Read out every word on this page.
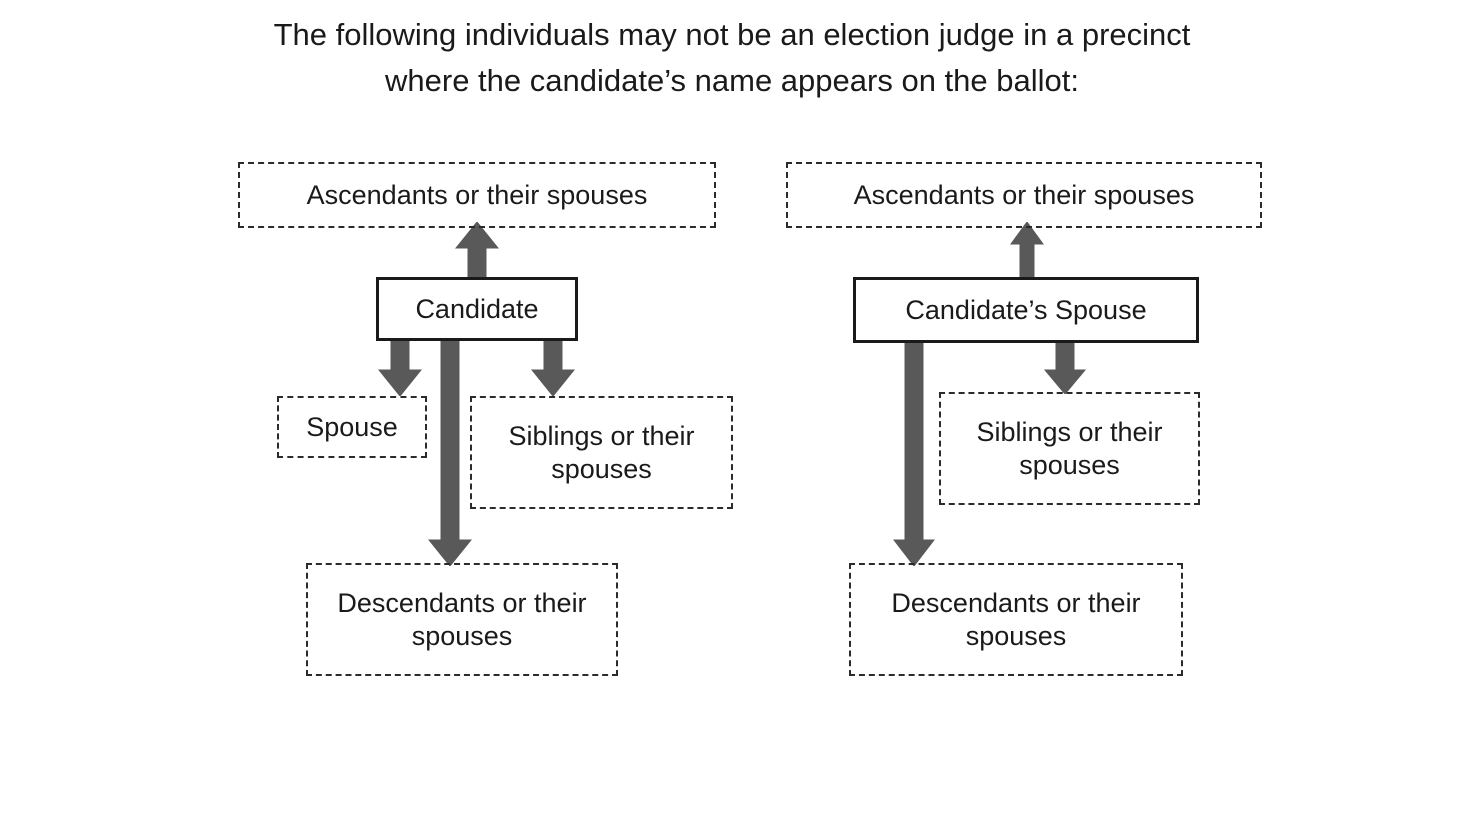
The following individuals may not be an election judge in a precinct where the candidate’s name appears on the ballot:
Ascendants or their spouses
Candidate
Spouse	Siblings or their spouses
Descendants or their spouses
Ascendants or their spouses
Candidate’s Spouse
Siblings or their spouses
Descendants or their spouses
